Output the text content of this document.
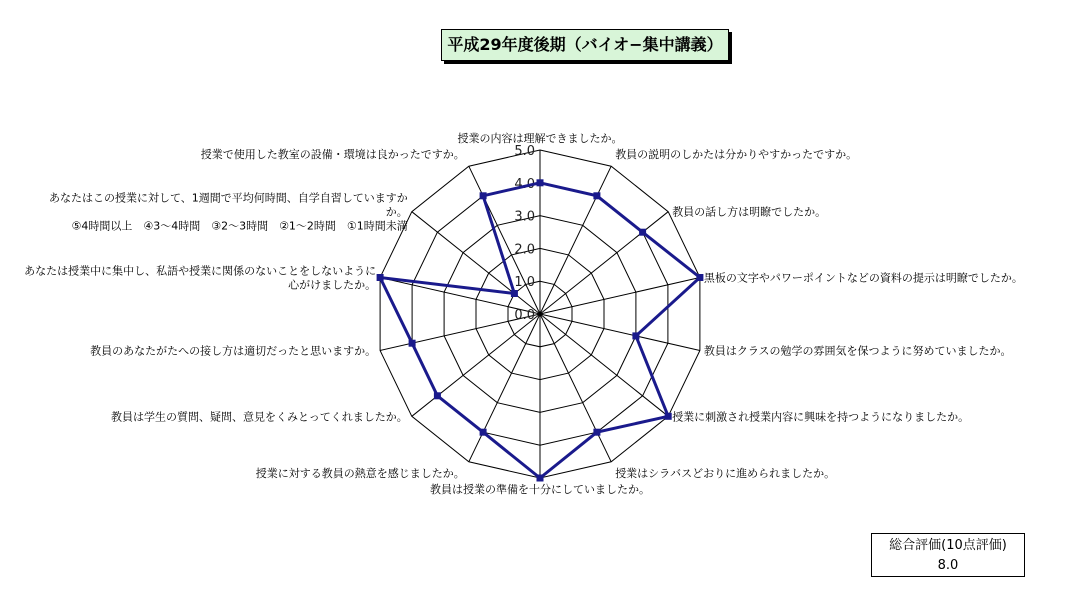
平成29年度後期（バイオ−集中講義）
0.0
1.0
2.0
3.0
4.0
5.0
授業の内容は理解できましたか。
教員の説明のしかたは分かりやすかったですか。
教員の話し方は明瞭でしたか。
黒板の文字やパワーポイントなどの資料の提示は明瞭でしたか。
教員はクラスの勉学の雰囲気を保つように努めていましたか。
授業に刺激され授業内容に興味を持つようになりましたか。
授業はシラバスどおりに進められましたか。
教員は授業の準備を十分にしていましたか。
授業に対する教員の熱意を感じましたか。
教員は学生の質問、疑問、意見をくみとってくれましたか。
教員のあなたがたへの接し方は適切だったと思いますか。
あなたは授業中に集中し、私語や授業に関係のないことをしないように
心がけましたか。
あなたはこの授業に対して、1週間で平均何時間、自学自習していますか
か。
⑤4時間以上　④3〜4時間　③2〜3時間　②1〜2時間　①1時間未満
授業で使用した教室の設備・環境は良かったですか。
総合評価(10点評価)
8.0
